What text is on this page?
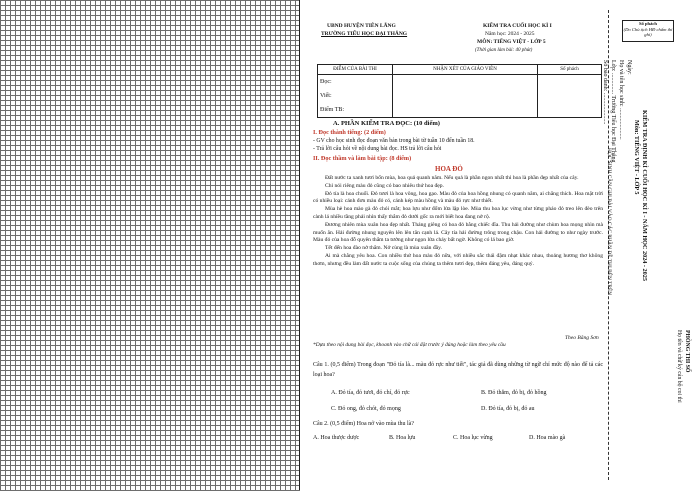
UBND HUYỆN TIÊN LÃNG
TRƯỜNG TIỂU HỌC ĐẠI THẮNG
KIỂM TRA CUỐI HỌC KÌ I
Năm học: 2024 - 2025
MÔN: TIẾNG VIỆT - LỚP 5
(Thời gian làm bài: 40 phút)
ĐIỂM CỦA BÀI THI	NHẬN XÉT CỦA GIÁO VIÊN	Số phách

Đọc:
Viết:
Điểm TB:		

A. PHẦN KIỂM TRA ĐỌC: (10 điểm)
I. Đọc thành tiếng: (2 điểm)
- GV cho học sinh đọc đoạn văn bản trong bài từ tuần 10 đến tuần 18.
- Trả lời câu hỏi về nội dung bài đọc. HS trả lời câu hỏi
II. Đọc thầm và làm bài tập: (8 điểm)
HOA ĐỎ
Đất nước ta xanh tươi bốn mùa, hoa quả quanh năm. Nếu quả là phần ngon nhất thì hoa là phần đẹp nhất của cây.
Chỉ nói riêng màu đỏ cũng có bao nhiêu thứ hoa đẹp.
Đỏ tía là hoa chuối. Đỏ tươi là hoa vông, hoa gạo. Màu đỏ của hoa hồng nhung có quanh năm, ai chẳng thích. Hoa mặt trời có nhiều loại: cánh đơn màu đỏ có, cánh kép màu hồng và màu đỏ rực như thiết.
Mùa hè hoa mào gà đỏ chói mắt; hoa lựu như đốm lửa lập lòe. Mùa thu hoa lục vừng như từng pháo đỏ treo lên đèo trên cành lá nhiều tầng phải nhìn thấy thắm đỏ dưới gốc ra mới biết hoa đang nở rộ.
Đương nhiên mùa xuân hoa đẹp nhất. Tháng giêng có hoa đỏ bằng chiếc đĩa. Thu hải đường như chùm hoa mọng nhìn mà muốn ăn. Hải đường nhung nguyên lên lên tăn cạnh lá. Cây tía hải đường trông trong chậu. Con hải đường to như ngày trước. Màu đỏ của hoa đỗ quyên thắm ta tưởng như ngọn lửa cháy bất ngờ. Không có lá bao giờ.
Tết đến hoa đào nở thắm. Nở cùng là mùa xuân đầy.
Ai mà chẳng yêu hoa. Con nhiều thứ hoa màu đỏ nữa, với nhiều sắc thái đậm nhạt khác nhau, thoảng hương thơ không thơm, nhưng đều làm đất nước ta cuộc sống của chúng ta thêm tươi đẹp, thêm đáng yêu, đáng quý.
Theo Băng Sơn
*Dựa theo nội dung bài đọc, khoanh vào chữ cái đặt trước ý đúng hoặc làm theo yêu cầu
Câu 1. (0,5 điểm) Trong đoạn "Đỏ tía là... màu đỏ rực như tiết", tác giả đã dùng những từ ngữ chỉ mức độ nào để tả các loại hoa?
A. Đỏ tía, đỏ tươi, đỏ chí, đỏ rực	B. Đỏ thắm, đỏ bị, đỏ hồng
C. Đỏ ong, đỏ chót, đỏ mọng	D. Đỏ tía, đỏ bị, đỏ au
Câu 2. (0,5 điểm) Hoa nở vào mùa thu là?
A. Hoa thược dược	B. Hoa lựu	C. Hoa lục vừng	D. Hoa mào gà
HỌC SINH CẦN GHI BÀI VÀO CÁC PHẦN ĐỀ THI BÊN TRÊN
Số phách
(Do Chủ tịch HĐ chấm thi ghi)
Ngày:
Họ và tên học sinh: .....................
Lớp: .............. Trường Tiểu học Đại Thắng
Số báo danh: .....................
KIỂM TRA ĐỊNH KÌ CUỐI HỌC KÌ I - NĂM HỌC 2024 - 2025
Môn: TIẾNG VIỆT - LỚP 5
PHÒNG THI SỐ
Họ tên và chữ ký cán bộ coi thi
